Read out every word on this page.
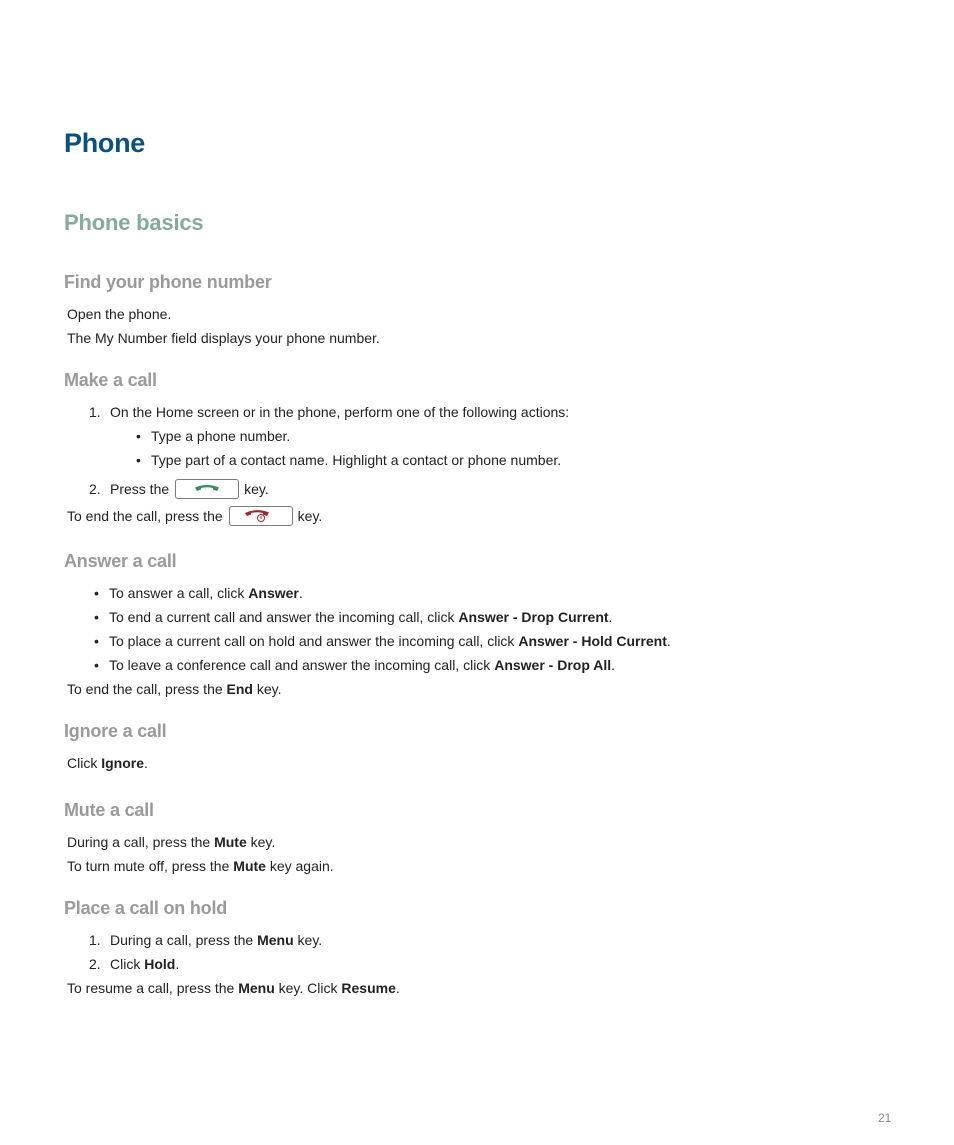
Phone
Phone basics
Find your phone number
Open the phone.
The My Number field displays your phone number.
Make a call
1. On the Home screen or in the phone, perform one of the following actions:
• Type a phone number.
• Type part of a contact name. Highlight a contact or phone number.
2. Press the	key.
To end the call, press the	key.
Answer a call
• To answer a call, click Answer.
• To end a current call and answer the incoming call, click Answer - Drop Current.
• To place a current call on hold and answer the incoming call, click Answer - Hold Current.
• To leave a conference call and answer the incoming call, click Answer - Drop All.
To end the call, press the End key.
Ignore a call
Click Ignore.
Mute a call
During a call, press the Mute key.
To turn mute off, press the Mute key again.
Place a call on hold
1. During a call, press the Menu key.
2. Click Hold.
To resume a call, press the Menu key. Click Resume.
21
